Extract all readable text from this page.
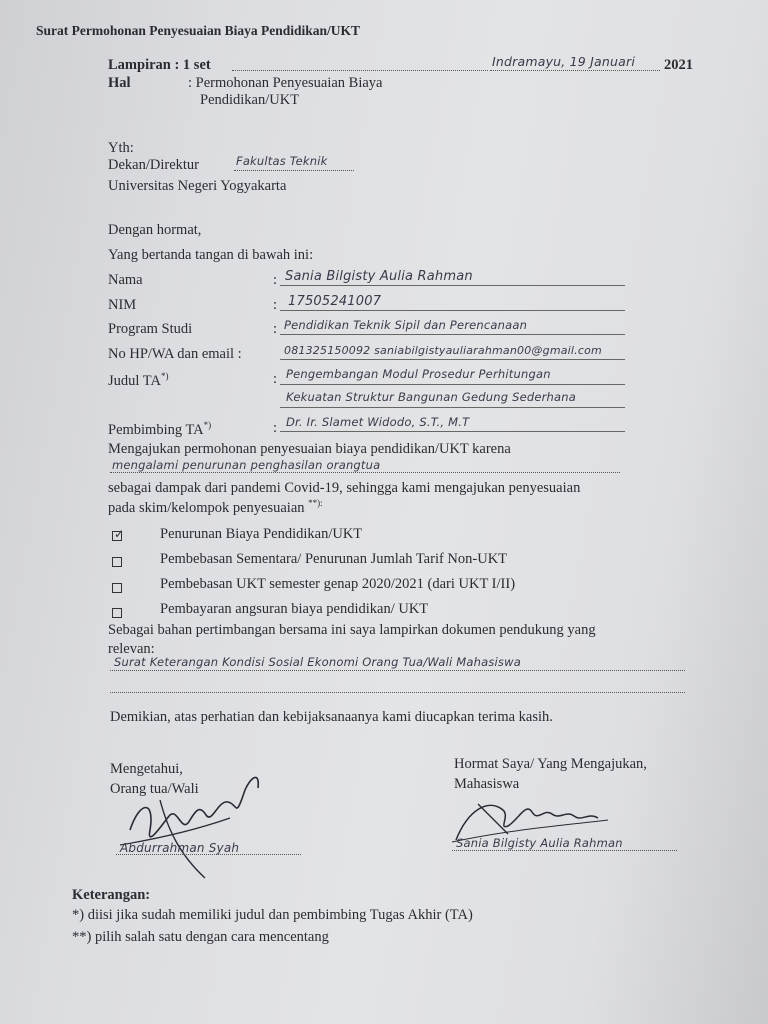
Surat Permohonan Penyesuaian Biaya Pendidikan/UKT
Lampiran : 1 set	Indramayu, 19 Januari 2021
Hal	: Permohonan Penyesuaian Biaya
Pendidikan/UKT
Yth:
Dekan/Direktur	Fakultas Teknik
Universitas Negeri Yogyakarta
Dengan hormat,
Yang bertanda tangan di bawah ini:
Nama	: Sania Bilgisty Aulia Rahman
NIM	: 17505241007
Program Studi	: Pendidikan Teknik Sipil dan Perencanaan
No HP/WA dan email :	081325150092 saniabilgistyauliarahman00@gmail.com
Judul TA*)	: Pengembangan Modul Prosedur Perhitungan
Kekuatan Struktur Bangunan Gedung Sederhana
Pembimbing TA*)	: Dr. Ir. Slamet Widodo, S.T., M.T
Mengajukan permohonan penyesuaian biaya pendidikan/UKT karena
mengalami penurunan penghasilan orangtua
sebagai dampak dari pandemi Covid-19, sehingga kami mengajukan penyesuaian
pada skim/kelompok penyesuaian **):
✓ Penurunan Biaya Pendidikan/UKT
Pembebasan Sementara/ Penurunan Jumlah Tarif Non-UKT
Pembebasan UKT semester genap 2020/2021 (dari UKT I/II)
Pembayaran angsuran biaya pendidikan/ UKT
Sebagai bahan pertimbangan bersama ini saya lampirkan dokumen pendukung yang
relevan:
Surat Keterangan Kondisi Sosial Ekonomi Orang Tua/Wali Mahasiswa
Demikian, atas perhatian dan kebijaksanaanya kami diucapkan terima kasih.
Mengetahui,
Orang tua/Wali
Abdurrahman Syah
Hormat Saya/ Yang Mengajukan,
Mahasiswa
Sania Bilgisty Aulia Rahman
Keterangan:
*) diisi jika sudah memiliki judul dan pembimbing Tugas Akhir (TA)
**) pilih salah satu dengan cara mencentang
